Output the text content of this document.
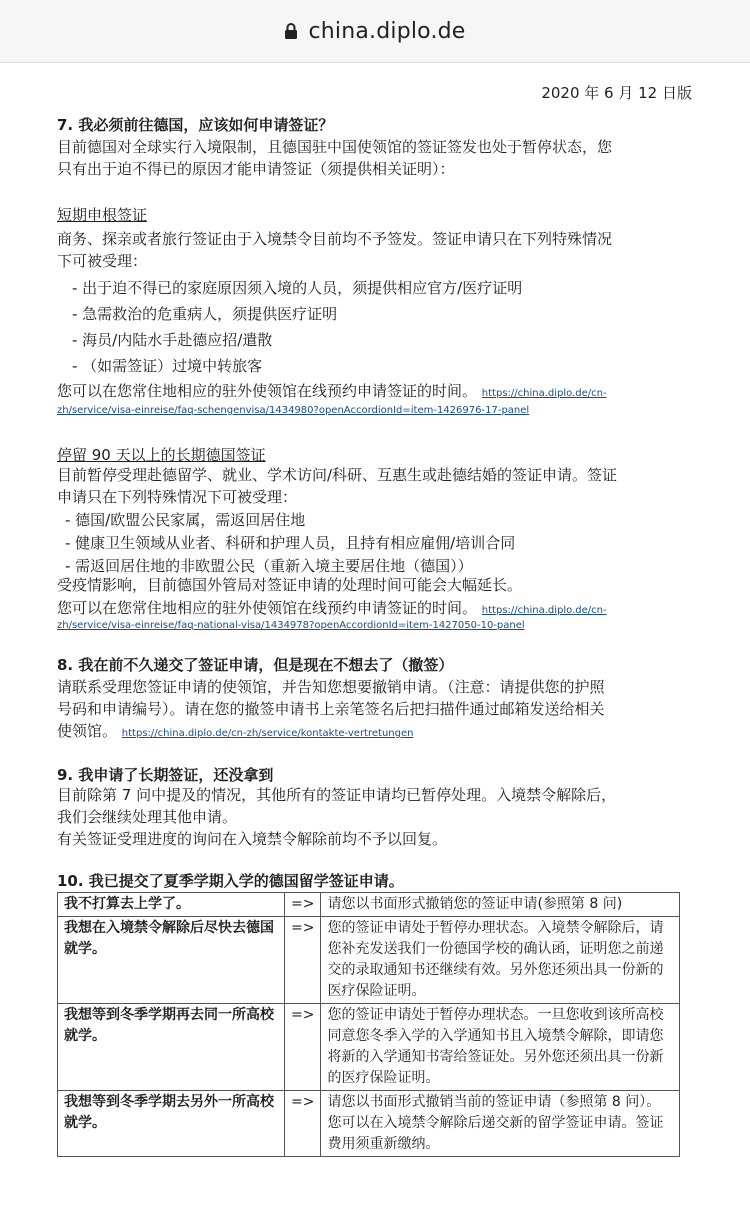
china.diplo.de
2020 年 6 月 12 日版
7. 我必须前往德国，应该如何申请签证？
目前德国对全球实行入境限制，且德国驻中国使领馆的签证签发也处于暂停状态，您
只有出于迫不得已的原因才能申请签证（须提供相关证明）：
短期申根签证
商务、探亲或者旅行签证由于入境禁令目前均不予签发。签证申请只在下列特殊情况
下可被受理：
- 出于迫不得已的家庭原因须入境的人员，须提供相应官方/医疗证明
- 急需救治的危重病人，须提供医疗证明
- 海员/内陆水手赴德应招/遣散
- （如需签证）过境中转旅客
您可以在您常住地相应的驻外使领馆在线预约申请签证的时间。 https://china.diplo.de/cn-
zh/service/visa-einreise/faq-schengenvisa/1434980?openAccordionId=item-1426976-17-panel
停留 90 天以上的长期德国签证
目前暂停受理赴德留学、就业、学术访问/科研、互惠生或赴德结婚的签证申请。签证
申请只在下列特殊情况下可被受理：
- 德国/欧盟公民家属，需返回居住地
- 健康卫生领域从业者、科研和护理人员，且持有相应雇佣/培训合同
- 需返回居住地的非欧盟公民（重新入境主要居住地（德国））
受疫情影响，目前德国外管局对签证申请的处理时间可能会大幅延长。
您可以在您常住地相应的驻外使领馆在线预约申请签证的时间。 https://china.diplo.de/cn-
zh/service/visa-einreise/faq-national-visa/1434978?openAccordionId=item-1427050-10-panel
8. 我在前不久递交了签证申请，但是现在不想去了（撤签）
请联系受理您签证申请的使领馆，并告知您想要撤销申请。（注意：请提供您的护照
号码和申请编号）。请在您的撤签申请书上亲笔签名后把扫描件通过邮箱发送给相关
使领馆。 https://china.diplo.de/cn-zh/service/kontakte-vertretungen
9. 我申请了长期签证，还没拿到
目前除第 7 问中提及的情况，其他所有的签证申请均已暂停处理。入境禁令解除后，
我们会继续处理其他申请。
有关签证受理进度的询问在入境禁令解除前均不予以回复。
10. 我已提交了夏季学期入学的德国留学签证申请。
我不打算去上学了。	=>	请您以书面形式撤销您的签证申请(参照第 8 问)
我想在入境禁令解除后尽快去德国就学。	=>	您的签证申请处于暂停办理状态。入境禁令解除后，请您补充发送我们一份德国学校的确认函，证明您之前递交的录取通知书还继续有效。另外您还须出具一份新的医疗保险证明。
我想等到冬季学期再去同一所高校就学。	=>	您的签证申请处于暂停办理状态。一旦您收到该所高校同意您冬季入学的入学通知书且入境禁令解除，即请您将新的入学通知书寄给签证处。另外您还须出具一份新的医疗保险证明。
我想等到冬季学期去另外一所高校就学。	=>	请您以书面形式撤销当前的签证申请（参照第 8 问）。您可以在入境禁令解除后递交新的留学签证申请。签证费用须重新缴纳。
